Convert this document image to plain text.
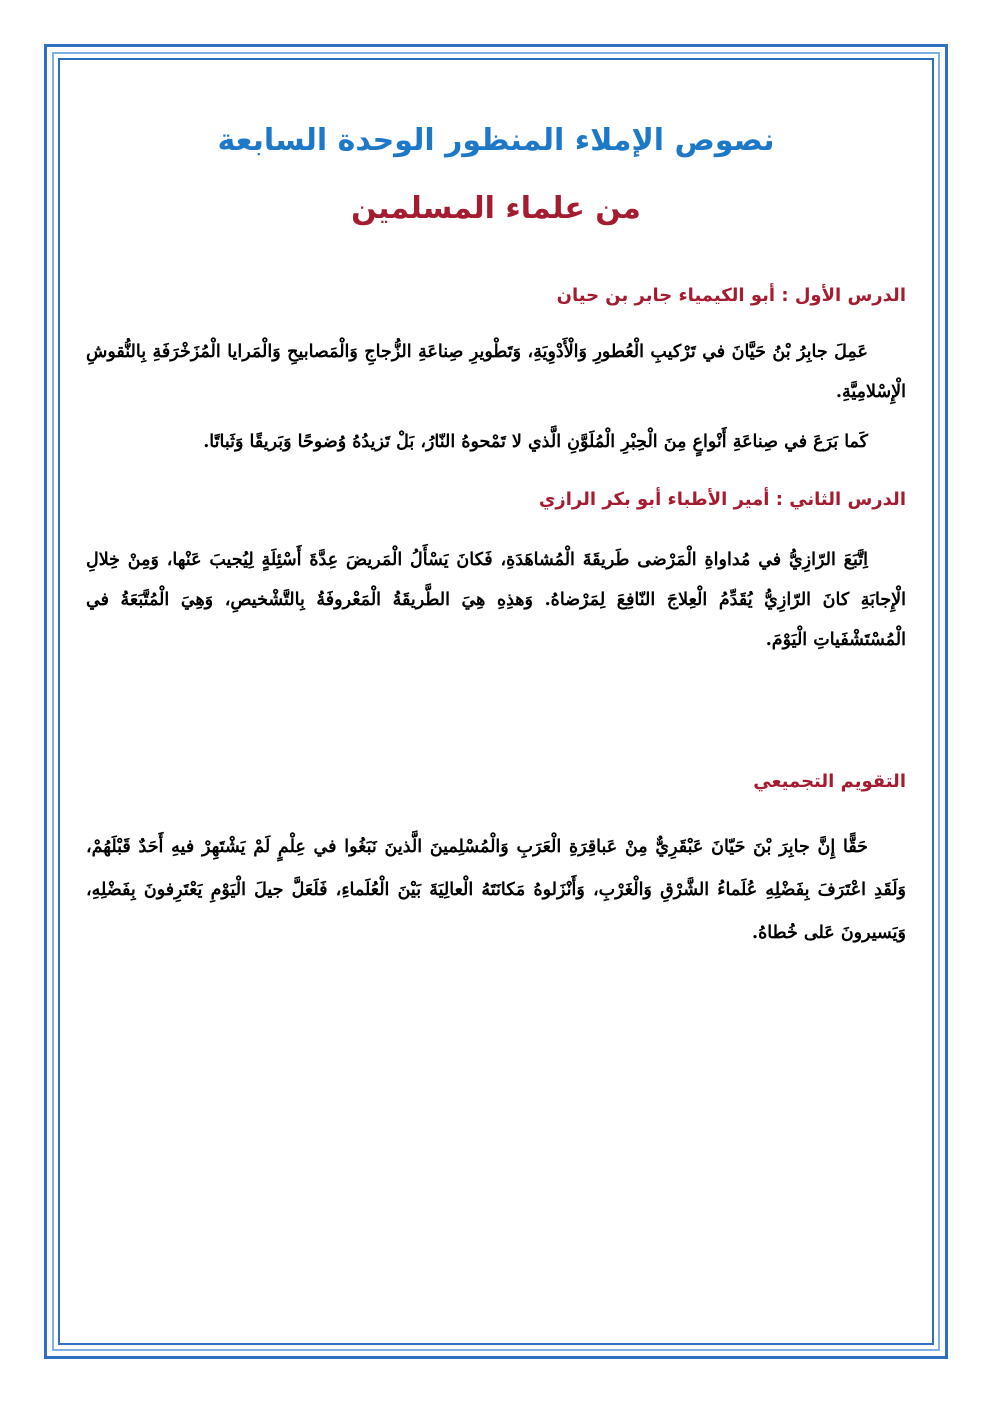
نصوص الإملاء المنظور الوحدة السابعة
من علماء المسلمين
الدرس الأول : أبو الكيمياء جابر بن حيان

عَمِلَ جابِرُ بْنُ حَيَّانَ في تَرْكيبِ الْعُطورِ وَالْأَدْوِيَةِ، وَتَطْويرِ صِناعَةِ الزُّجاجِ وَالْمَصابيحِ وَالْمَرايا الْمُزَخْرَفَةِ بِالنُّقوشِ الْإِسْلامِيَّةِ.

كَما بَرَعَ في صِناعَةِ أَنْواعٍ مِنَ الْحِبْرِ الْمُلَوَّنِ الَّذي لا تَمْحوهُ النّارُ، بَلْ تَزيدُهُ وُضوحًا وَبَريقًا وَثَباتًا.

الدرس الثاني : أمير الأطباء أبو بكر الرازي

اِتَّبَعَ الرّازِيُّ في مُداواةِ الْمَرْضى طَريقَةَ الْمُشاهَدَةِ، فَكانَ يَسْأَلُ الْمَريضَ عِدَّةَ أَسْئِلَةٍ لِيُجيبَ عَنْها، وَمِنْ خِلالِ الْإِجابَةِ كانَ الرّازِيُّ يُقَدِّمُ الْعِلاجَ النّافِعَ لِمَرْضاهُ. وَهذِهِ هِيَ الطَّريقَةُ الْمَعْروفَةُ بِالتَّشْخيصِ، وَهِيَ الْمُتَّبَعَةُ في الْمُسْتَشْفَياتِ الْيَوْمَ.

التقويم التجميعي

حَقًّا إِنَّ جابِرَ بْنَ حَيّانَ عَبْقَرِيٌّ مِنْ عَباقِرَةِ الْعَرَبِ وَالْمُسْلِمينَ الَّذينَ نَبَغُوا في عِلْمٍ لَمْ يَشْتَهِرْ فيهِ أَحَدٌ قَبْلَهُمْ، وَلَقَدِ اعْتَرَفَ بِفَضْلِهِ عُلَماءُ الشَّرْقِ وَالْغَرْبِ، وَأَنْزَلوهُ مَكانَتَهُ الْعالِيَةَ بَيْنَ الْعُلَماءِ، فَلَعَلَّ جيلَ الْيَوْمِ يَعْتَرِفونَ بِفَضْلِهِ، وَيَسيرونَ عَلى خُطاهُ.
